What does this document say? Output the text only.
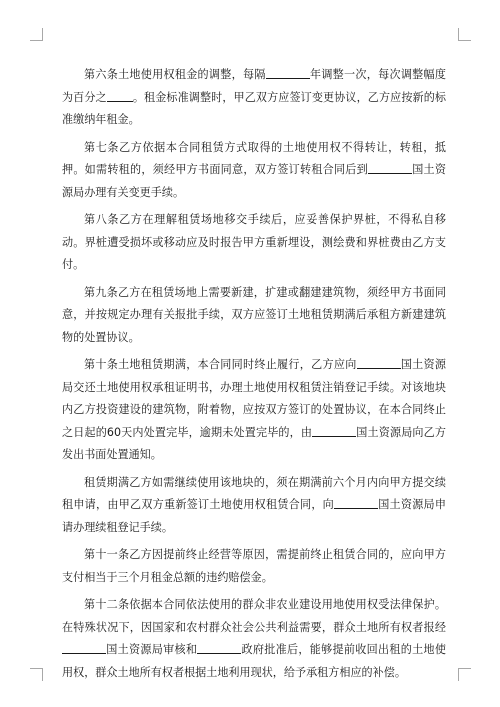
第六条土地使用权租金的调整，每隔	年调整一次，每次调整幅度为百分之 。租金标准调整时，甲乙双方应签订变更协议，乙方应按新的标准缴纳年租金。

第七条乙方依据本合同租赁方式取得的土地使用权不得转让，转租，抵押。如需转租的，须经甲方书面同意，双方签订转租合同后到	国土资源局办理有关变更手续。

第八条乙方在理解租赁场地移交手续后，应妥善保护界桩，不得私自移动。界桩遭受损坏或移动应及时报告甲方重新埋设，测绘费和界桩费由乙方支付。

第九条乙方在租赁场地上需要新建，扩建或翻建建筑物，须经甲方书面同意，并按规定办理有关报批手续，双方应签订土地租赁期满后承租方新建建筑物的处置协议。

第十条土地租赁期满，本合同同时终止履行，乙方应向	国土资源局交还土地使用权承租证明书，办理土地使用权租赁注销登记手续。对该地块内乙方投资建设的建筑物，附着物，应按双方签订的处置协议，在本合同终止之日起的60天内处置完毕，逾期未处置完毕的，由	国土资源局向乙方发出书面处置通知。

租赁期满乙方如需继续使用该地块的，须在期满前六个月内向甲方提交续租申请，由甲乙双方重新签订土地使用权租赁合同，向	国土资源局申请办理续租登记手续。

第十一条乙方因提前终止经营等原因，需提前终止租赁合同的，应向甲方支付相当于三个月租金总额的违约赔偿金。

第十二条依据本合同依法使用的群众非农业建设用地使用权受法律保护。在特殊状况下，因国家和农村群众社会公共利益需要，群众土地所有权者报经国土资源局审核和	政府批准后，能够提前收回出租的土地使用权，群众土地所有权者根据土地利用现状，给予承租方相应的补偿。
